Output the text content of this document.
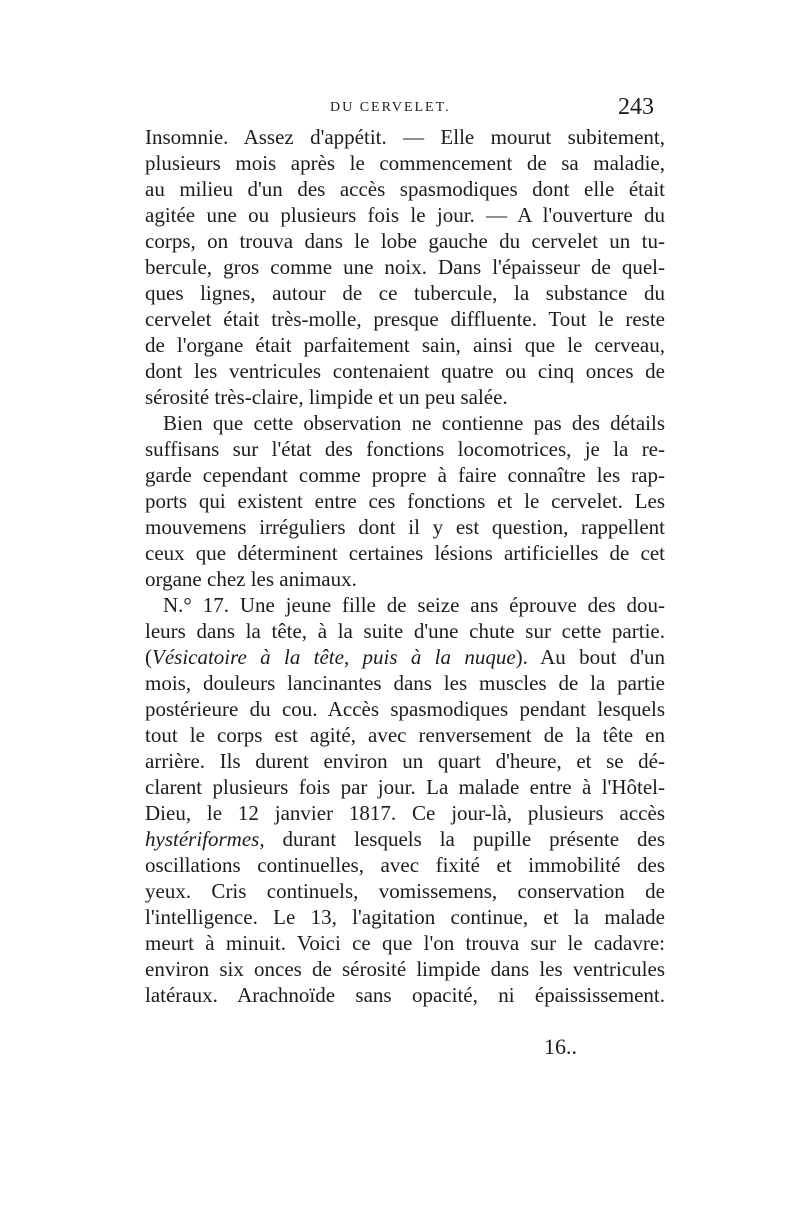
DU CERVELET.	243
Insomnie. Assez d'appétit. — Elle mourut subitement,
plusieurs mois après le commencement de sa maladie,
au milieu d'un des accès spasmodiques dont elle était
agitée une ou plusieurs fois le jour. — A l'ouverture du
corps, on trouva dans le lobe gauche du cervelet un tu-
bercule, gros comme une noix. Dans l'épaisseur de quel-
ques lignes, autour de ce tubercule, la substance du
cervelet était très-molle, presque diffluente. Tout le reste
de l'organe était parfaitement sain, ainsi que le cerveau,
dont les ventricules contenaient quatre ou cinq onces de
sérosité très-claire, limpide et un peu salée.
Bien que cette observation ne contienne pas des détails
suffisans sur l'état des fonctions locomotrices, je la re-
garde cependant comme propre à faire connaître les rap-
ports qui existent entre ces fonctions et le cervelet. Les
mouvemens irréguliers dont il y est question, rappellent
ceux que déterminent certaines lésions artificielles de cet
organe chez les animaux.
N.° 17. Une jeune fille de seize ans éprouve des dou-
leurs dans la tête, à la suite d'une chute sur cette partie.
(Vésicatoire à la tête, puis à la nuque). Au bout d'un
mois, douleurs lancinantes dans les muscles de la partie
postérieure du cou. Accès spasmodiques pendant lesquels
tout le corps est agité, avec renversement de la tête en
arrière. Ils durent environ un quart d'heure, et se dé-
clarent plusieurs fois par jour. La malade entre à l'Hôtel-
Dieu, le 12 janvier 1817. Ce jour-là, plusieurs accès
hystériformes, durant lesquels la pupille présente des
oscillations continuelles, avec fixité et immobilité des
yeux. Cris continuels, vomissemens, conservation de
l'intelligence. Le 13, l'agitation continue, et la malade
meurt à minuit. Voici ce que l'on trouva sur le cadavre:
environ six onces de sérosité limpide dans les ventricules
latéraux. Arachnoïde sans opacité, ni épaississement.
16..
